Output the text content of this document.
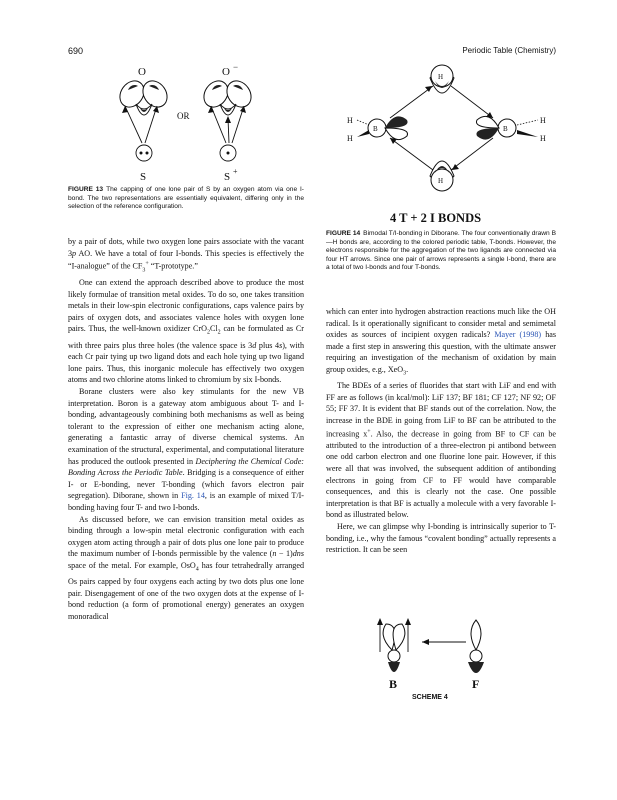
690	Periodic Table (Chemistry)
O
S
OR
O −
S +
FIGURE 13 The capping of one lone pair of S by an oxygen atom via one I-bond. The two representations are essentially equivalent, differing only in the selection of the reference configuration.
H
H
B	B
H
H
H
H
4 T + 2 I BONDS
FIGURE 14 Bimodal T/I-bonding in Diborane. The four conventionally drawn B—H bonds are, according to the colored periodic table, T-bonds. However, the electrons responsible for the aggregation of the two ligands are connected via four HT arrows. Since one pair of arrows represents a single I-bond, there are a total of two I-bonds and four T-bonds.

by a pair of dots, while two oxygen lone pairs associate with the vacant 3p AO. We have a total of four I-bonds. This species is effectively the “I-analogue” of the $CF_3^+$ “T-prototype.”

One can extend the approach described above to produce the most likely formulae of transition metal oxides. To do so, one takes transition metals in their low-spin electronic configurations, caps valence pairs by pairs of oxygen dots, and associates valence holes with oxygen lone pairs. Thus, the well-known oxidizer $CrO_2Cl_2$ can be formulated as Cr with three pairs plus three holes (the valence space is 3d plus 4s), with each Cr pair tying up two ligand dots and each hole tying up two ligand lone pairs. Thus, this inorganic molecule has effectively two oxygen atoms and two chlorine atoms linked to chromium by six I-bonds.

Borane clusters were also key stimulants for the new VB interpretation. Boron is a gateway atom ambiguous about T- and I-bonding, advantageously combining both mechanisms as well as being tolerant to the expression of either one mechanism acting alone, generating a fantastic array of diverse chemical systems. An examination of the structural, experimental, and computational literature has produced the outlook presented in Deciphering the Chemical Code: Bonding Across the Periodic Table. Bridging is a consequence of either I- or E-bonding, never T-bonding (which favors electron pair segregation). Diborane, shown in Fig. 14, is an example of mixed T/I-bonding having four T- and two I-bonds.

As discussed before, we can envision transition metal oxides as binding through a low-spin metal electronic configuration with each oxygen atom acting through a pair of dots plus one lone pair to produce the maximum number of I-bonds permissible by the valence (n − 1)dns space of the metal. For example, OsO$_4$ has four tetrahedrally arranged Os pairs capped by four oxygens each acting by two dots plus one lone pair. Disengagement of one of the two oxygen dots at the expense of I-bond reduction (a form of promotional energy) generates an oxygen monoradical

which can enter into hydrogen abstraction reactions much like the OH radical. Is it operationally significant to consider metal and semimetal oxides as sources of incipient oxygen radicals? Mayer (1998) has made a first step in answering this question, with the ultimate answer requiring an investigation of the mechanism of oxidation by main group oxides, e.g., XeO$_3$.

The BDEs of a series of fluorides that start with LiF and end with FF are as follows (in kcal/mol): LiF 137; BF 181; CF 127; NF 92; OF 55; FF 37. It is evident that BF stands out of the correlation. Now, the increase in the BDE in going from LiF to BF can be attributed to the increasing x+. Also, the decrease in going from BF to CF can be attributed to the introduction of a three-electron pi antibond between one odd carbon electron and one fluorine lone pair. However, if this were all that was involved, the subsequent addition of antibonding electrons in going from CF to FF would have comparable consequences, and this is clearly not the case. One possible interpretation is that BF is actually a molecule with a very favorable I-bond as illustrated below.

Here, we can glimpse why I-bonding is intrinsically superior to T-bonding, i.e., why the famous “covalent bonding” actually represents a restriction. It can be seen

B	F
SCHEME 4
